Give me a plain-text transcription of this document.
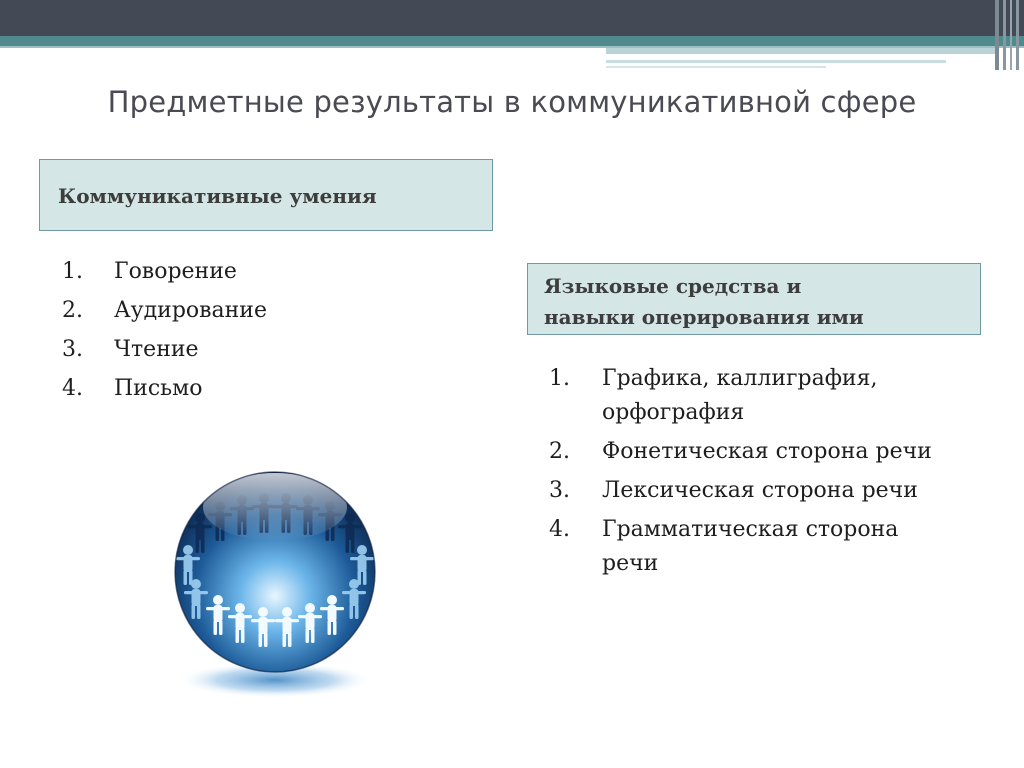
Предметные результаты в коммуникативной сфере
Коммуникативные умения
1.	Говорение
2.	Аудирование
3.	Чтение
4.	Письмо
Языковые средства и
навыки оперирования ими
1.	Графика, каллиграфия, орфография
2.	Фонетическая сторона речи
3.	Лексическая сторона речи
4.	Грамматическая сторона речи
